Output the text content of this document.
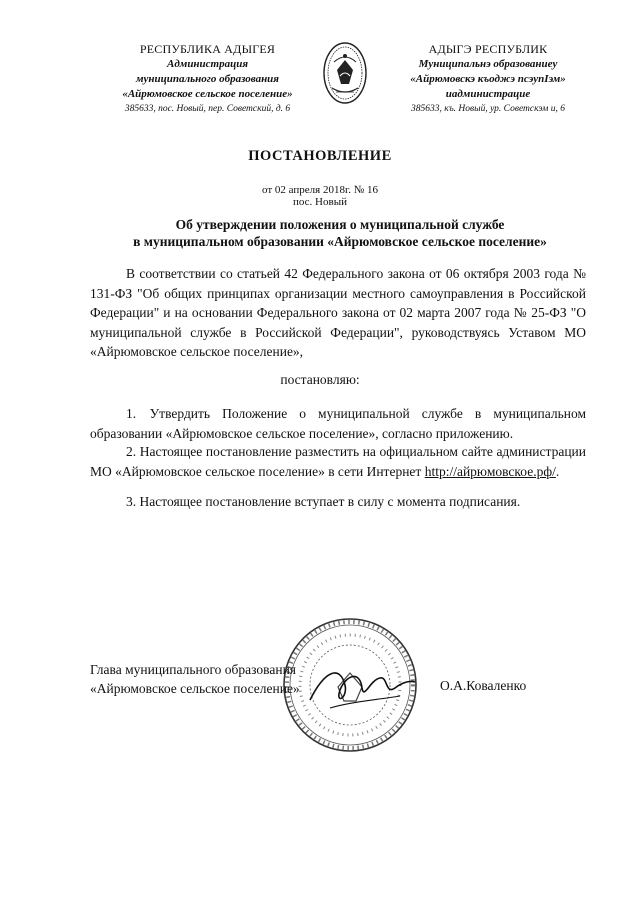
РЕСПУБЛИКА АДЫГЕЯ
Администрация
муниципального образования
«Айрюмовское сельское поселение»
385633, пос. Новый, пер. Советский, д. 6
АДЫГЭ РЕСПУБЛИК
Муниципальнэ образованиеу
«Айрюмовскэ къоджэ псэупIэм»
иадминистрацие
385633, къ. Новый, ур. Советскэм и, 6
ПОСТАНОВЛЕНИЕ
от 02 апреля 2018г. № 16
пос. Новый
Об утверждении положения о муниципальной службе
в муниципальном образовании «Айрюмовское сельское поселение»
В соответствии со статьей 42 Федерального закона от 06 октября 2003 года № 131-ФЗ "Об общих принципах организации местного самоуправления в Российской Федерации" и на основании Федерального закона от 02 марта 2007 года № 25-ФЗ "О муниципальной службе в Российской Федерации", руководствуясь Уставом МО «Айрюмовское сельское поселение»,
постановляю:
1. Утвердить Положение о муниципальной службе в муниципальном образовании «Айрюмовское сельское поселение», согласно приложению.
2. Настоящее постановление разместить на официальном сайте администрации МО «Айрюмовское сельское поселение» в сети Интернет http://айрюмовское.рф/.
3. Настоящее постановление вступает в силу с момента подписания.
Глава муниципального образования
«Айрюмовское сельское поселение»	О.А.Коваленко
